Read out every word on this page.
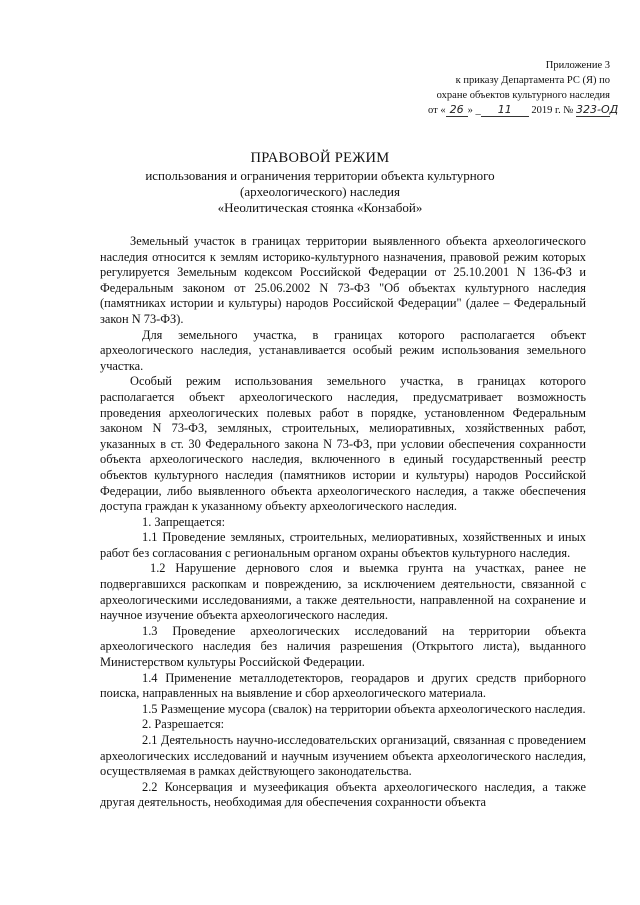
Приложение 3
к приказу Департамента РС (Я) по
охране объектов культурного наследия
от « 26 » _ 11 2019 г. № 323-ОД
ПРАВОВОЙ РЕЖИМ
использования и ограничения территории объекта культурного
(археологического) наследия
«Неолитическая стоянка «Конзабой»

Земельный участок в границах территории выявленного объекта археологического наследия относится к землям историко-культурного назначения, правовой режим которых регулируется Земельным кодексом Российской Федерации от 25.10.2001 N 136-ФЗ и Федеральным законом от 25.06.2002 N 73-ФЗ "Об объектах культурного наследия (памятниках истории и культуры) народов Российской Федерации" (далее – Федеральный закон N 73-ФЗ).

Для земельного участка, в границах которого располагается объект археологического наследия, устанавливается особый режим использования земельного участка.

Особый режим использования земельного участка, в границах которого располагается объект археологического наследия, предусматривает возможность проведения археологических полевых работ в порядке, установленном Федеральным законом N 73-ФЗ, земляных, строительных, мелиоративных, хозяйственных работ, указанных в ст. 30 Федерального закона N 73-ФЗ, при условии обеспечения сохранности объекта археологического наследия, включенного в единый государственный реестр объектов культурного наследия (памятников истории и культуры) народов Российской Федерации, либо выявленного объекта археологического наследия, а также обеспечения доступа граждан к указанному объекту археологического наследия.

1. Запрещается:

1.1 Проведение земляных, строительных, мелиоративных, хозяйственных и иных работ без согласования с региональным органом охраны объектов культурного наследия.

1.2 Нарушение дернового слоя и выемка грунта на участках, ранее не подвергавшихся раскопкам и повреждению, за исключением деятельности, связанной с археологическими исследованиями, а также деятельности, направленной на сохранение и научное изучение объекта археологического наследия.

1.3 Проведение археологических исследований на территории объекта археологического наследия без наличия разрешения (Открытого листа), выданного Министерством культуры Российской Федерации.

1.4 Применение металлодетекторов, георадаров и других средств приборного поиска, направленных на выявление и сбор археологического материала.

1.5 Размещение мусора (свалок) на территории объекта археологического наследия.

2. Разрешается:

2.1 Деятельность научно-исследовательских организаций, связанная с проведением археологических исследований и научным изучением объекта археологического наследия, осуществляемая в рамках действующего законодательства.

2.2 Консервация и музеефикация объекта археологического наследия, а также другая деятельность, необходимая для обеспечения сохранности объекта
